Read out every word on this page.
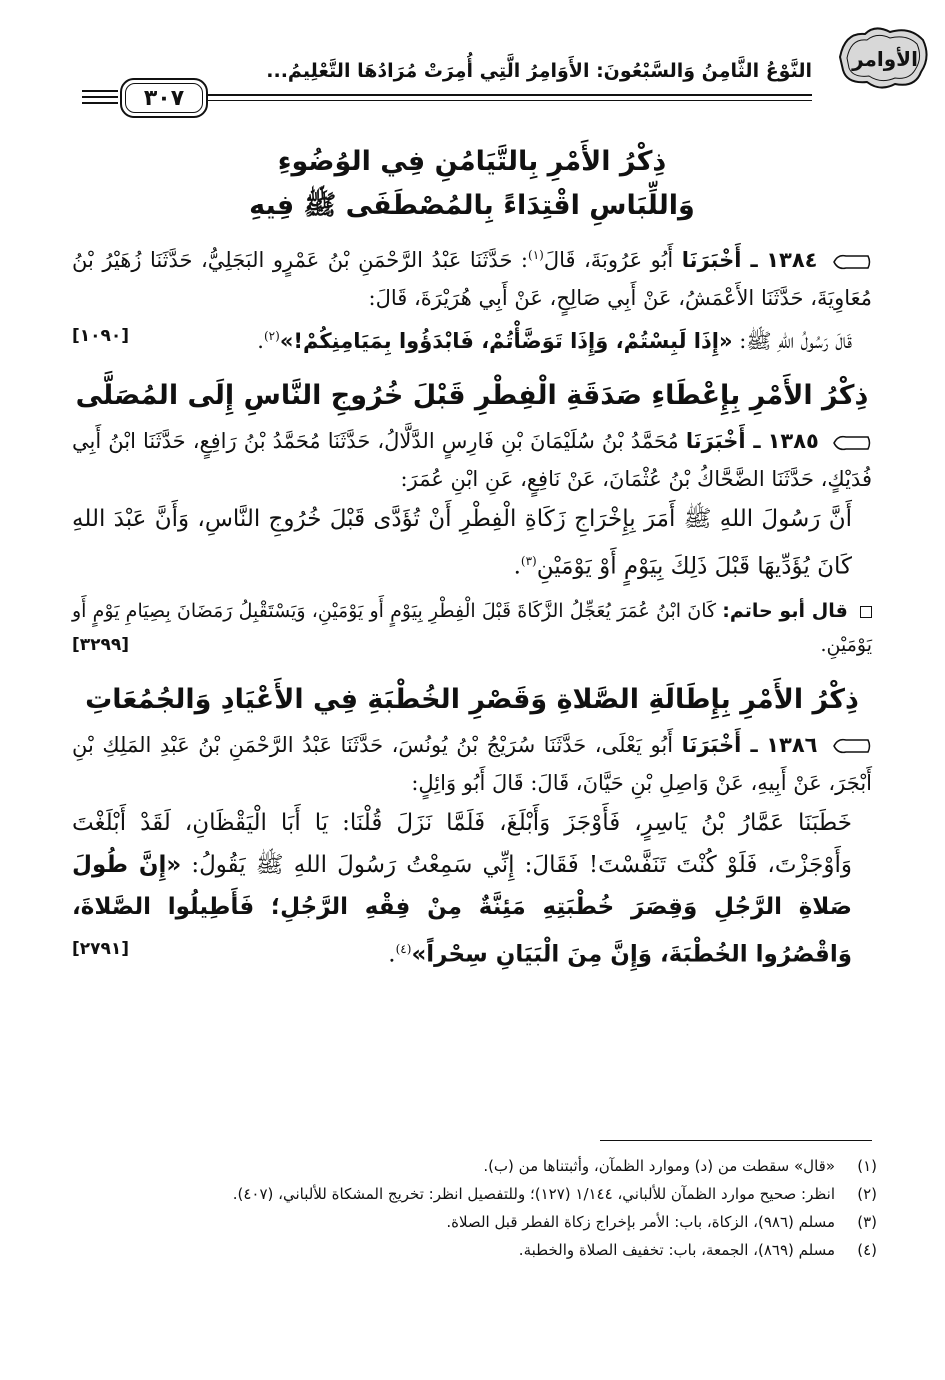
النَّوْعُ الثَّامِنُ وَالسَّبْعُونَ: الأَوَامِرُ الَّتِي أُمِرَتْ مُرَادُهَا التَّعْلِيمُ...
٣٠٧
الأوامر

ذِكْرُ الأَمْرِ بِالتَّيَامُنِ فِي الوُضُوءِ
وَاللِّبَاسِ اقْتِدَاءً بِالمُصْطَفَى ﷺ فِيهِ

١٣٨٤ ـ أَخْبَرَنَا أَبُو عَرُوبَةَ، قَالَ$^{(١)}$: حَدَّثَنَا عَبْدُ الرَّحْمَنِ بْنُ عَمْرٍو البَجَلِيُّ، حَدَّثَنَا زُهَيْرُ بْنُ مُعَاوِيَةَ، حَدَّثَنَا الأَعْمَشُ، عَنْ أَبِي صَالِحٍ، عَنْ أَبِي هُرَيْرَةَ، قَالَ:

[١٠٩٠]	قَالَ رَسُولُ اللهِ ﷺ: «إِذَا لَبِسْتُمْ، وَإِذَا تَوَضَّأْتُمْ، فَابْدَؤُوا بِمَيَامِنِكُمْ!»$^{(٢)}$.

ذِكْرُ الأَمْرِ بِإِعْطَاءِ صَدَقَةِ الْفِطْرِ قَبْلَ خُرُوجِ النَّاسِ إِلَى المُصَلَّى

١٣٨٥ ـ أَخْبَرَنَا مُحَمَّدُ بْنُ سُلَيْمَانَ بْنِ فَارِسٍ الدَّلَّالُ، حَدَّثَنَا مُحَمَّدُ بْنُ رَافِعٍ، حَدَّثَنَا ابْنُ أَبِي فُدَيْكٍ، حَدَّثَنَا الضَّحَّاكُ بْنُ عُثْمَانَ، عَنْ نَافِعٍ، عَنِ ابْنِ عُمَرَ:

أَنَّ رَسُولَ اللهِ ﷺ أَمَرَ بِإِخْرَاجِ زَكَاةِ الْفِطْرِ أَنْ تُؤَدَّى قَبْلَ خُرُوجِ النَّاسِ، وَأَنَّ عَبْدَ اللهِ كَانَ يُؤَدِّيهَا قَبْلَ ذَلِكَ بِيَوْمٍ أَوْ يَوْمَيْنِ$^{(٣)}$.

قال أبو حاتم: كَانَ ابْنُ عُمَرَ يُعَجِّلُ الزَّكَاةَ قَبْلَ الْفِطْرِ بِيَوْمٍ أَو يَوْمَيْنِ، وَيَسْتَقْبِلُ رَمَضَانَ بِصِيَامِ يَوْمٍ أَو يَوْمَيْنِ.
[٣٢٩٩]

ذِكْرُ الأَمْرِ بِإِطَالَةِ الصَّلاةِ وَقَصْرِ الخُطْبَةِ فِي الأَعْيَادِ وَالجُمُعَاتِ

١٣٨٦ ـ أَخْبَرَنَا أَبُو يَعْلَى، حَدَّثَنَا سُرَيْجُ بْنُ يُونُسَ، حَدَّثَنَا عَبْدُ الرَّحْمَنِ بْنُ عَبْدِ المَلِكِ بْنِ أَبْجَرَ، عَنْ أَبِيهِ، عَنْ وَاصِلِ بْنِ حَيَّانَ، قَالَ: قَالَ أَبُو وَائِلٍ:

خَطَبَنَا عَمَّارُ بْنُ يَاسِرٍ، فَأَوْجَزَ وَأَبْلَغَ، فَلَمَّا نَزَلَ قُلْنَا: يَا أَبَا الْيَقْظَانِ، لَقَدْ أَبْلَغْتَ وَأَوْجَزْتَ، فَلَوْ كُنْتَ تَنَفَّسْتَ! فَقَالَ: إِنِّي سَمِعْتُ رَسُولَ اللهِ ﷺ يَقُولُ: «إِنَّ طُولَ صَلاةِ الرَّجُلِ وَقِصَرَ خُطْبَتِهِ مَئِنَّةٌ مِنْ فِقْهِ الرَّجُلِ؛ فَأَطِيلُوا الصَّلاةَ، وَاقْصُرُوا الخُطْبَةَ، وَإِنَّ مِنَ الْبَيَانِ سِحْراً»$^{(٤)}$.
[٢٧٩١]

(١)
«قال» سقطت من (د) وموارد الظمآن، وأثبتناها من (ب).
(٢)
انظر: صحيح موارد الظمآن للألباني، ١/١٤٤ (١٢٧)؛ وللتفصيل انظر: تخريج المشكاة للألباني، (٤٠٧).
(٣)
مسلم (٩٨٦)، الزكاة، باب: الأمر بإخراج زكاة الفطر قبل الصلاة.
(٤)
مسلم (٨٦٩)، الجمعة، باب: تخفيف الصلاة والخطبة.
